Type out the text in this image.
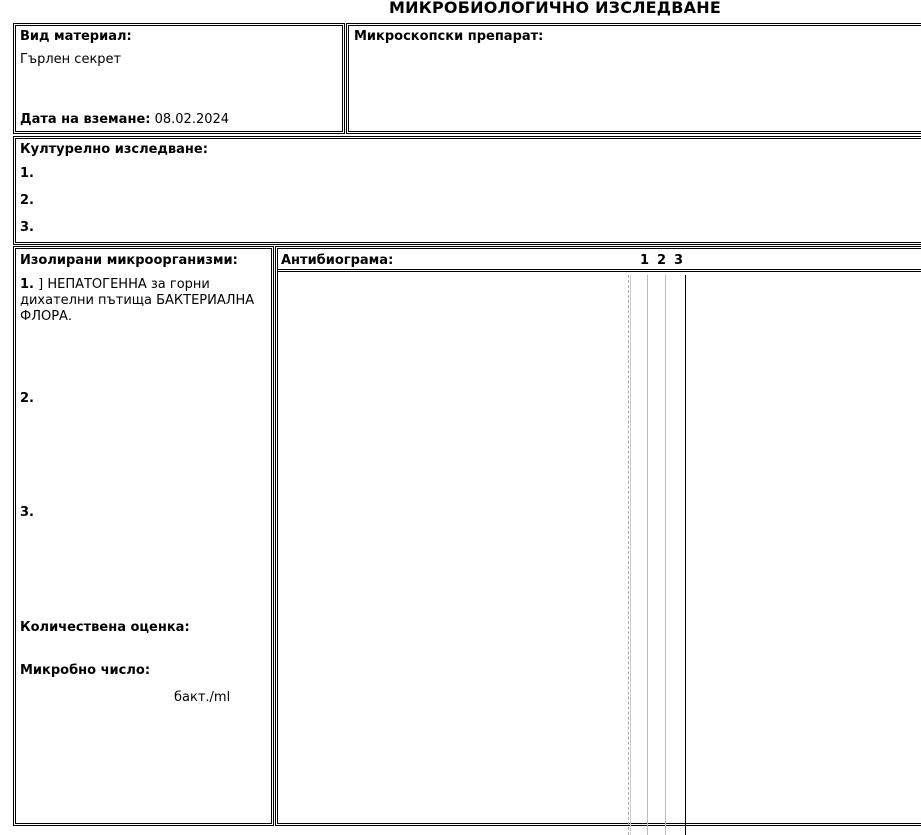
МИКРОБИОЛОГИЧНО ИЗСЛЕДВАНЕ
Вид материал:
Гърлен секрет
Дата на вземане: 08.02.2024
Микроскопски препарат:
Културелно изследване:
1.
2.
3.
Изолирани микроорганизми:
1. ] НЕПАТОГЕННА за горни дихателни пътища БАКТЕРИАЛНА ФЛОРА.
2.
3.
Количествена оценка:
Микробно число:
бакт./ml
Антибиограма:	1 2 3
